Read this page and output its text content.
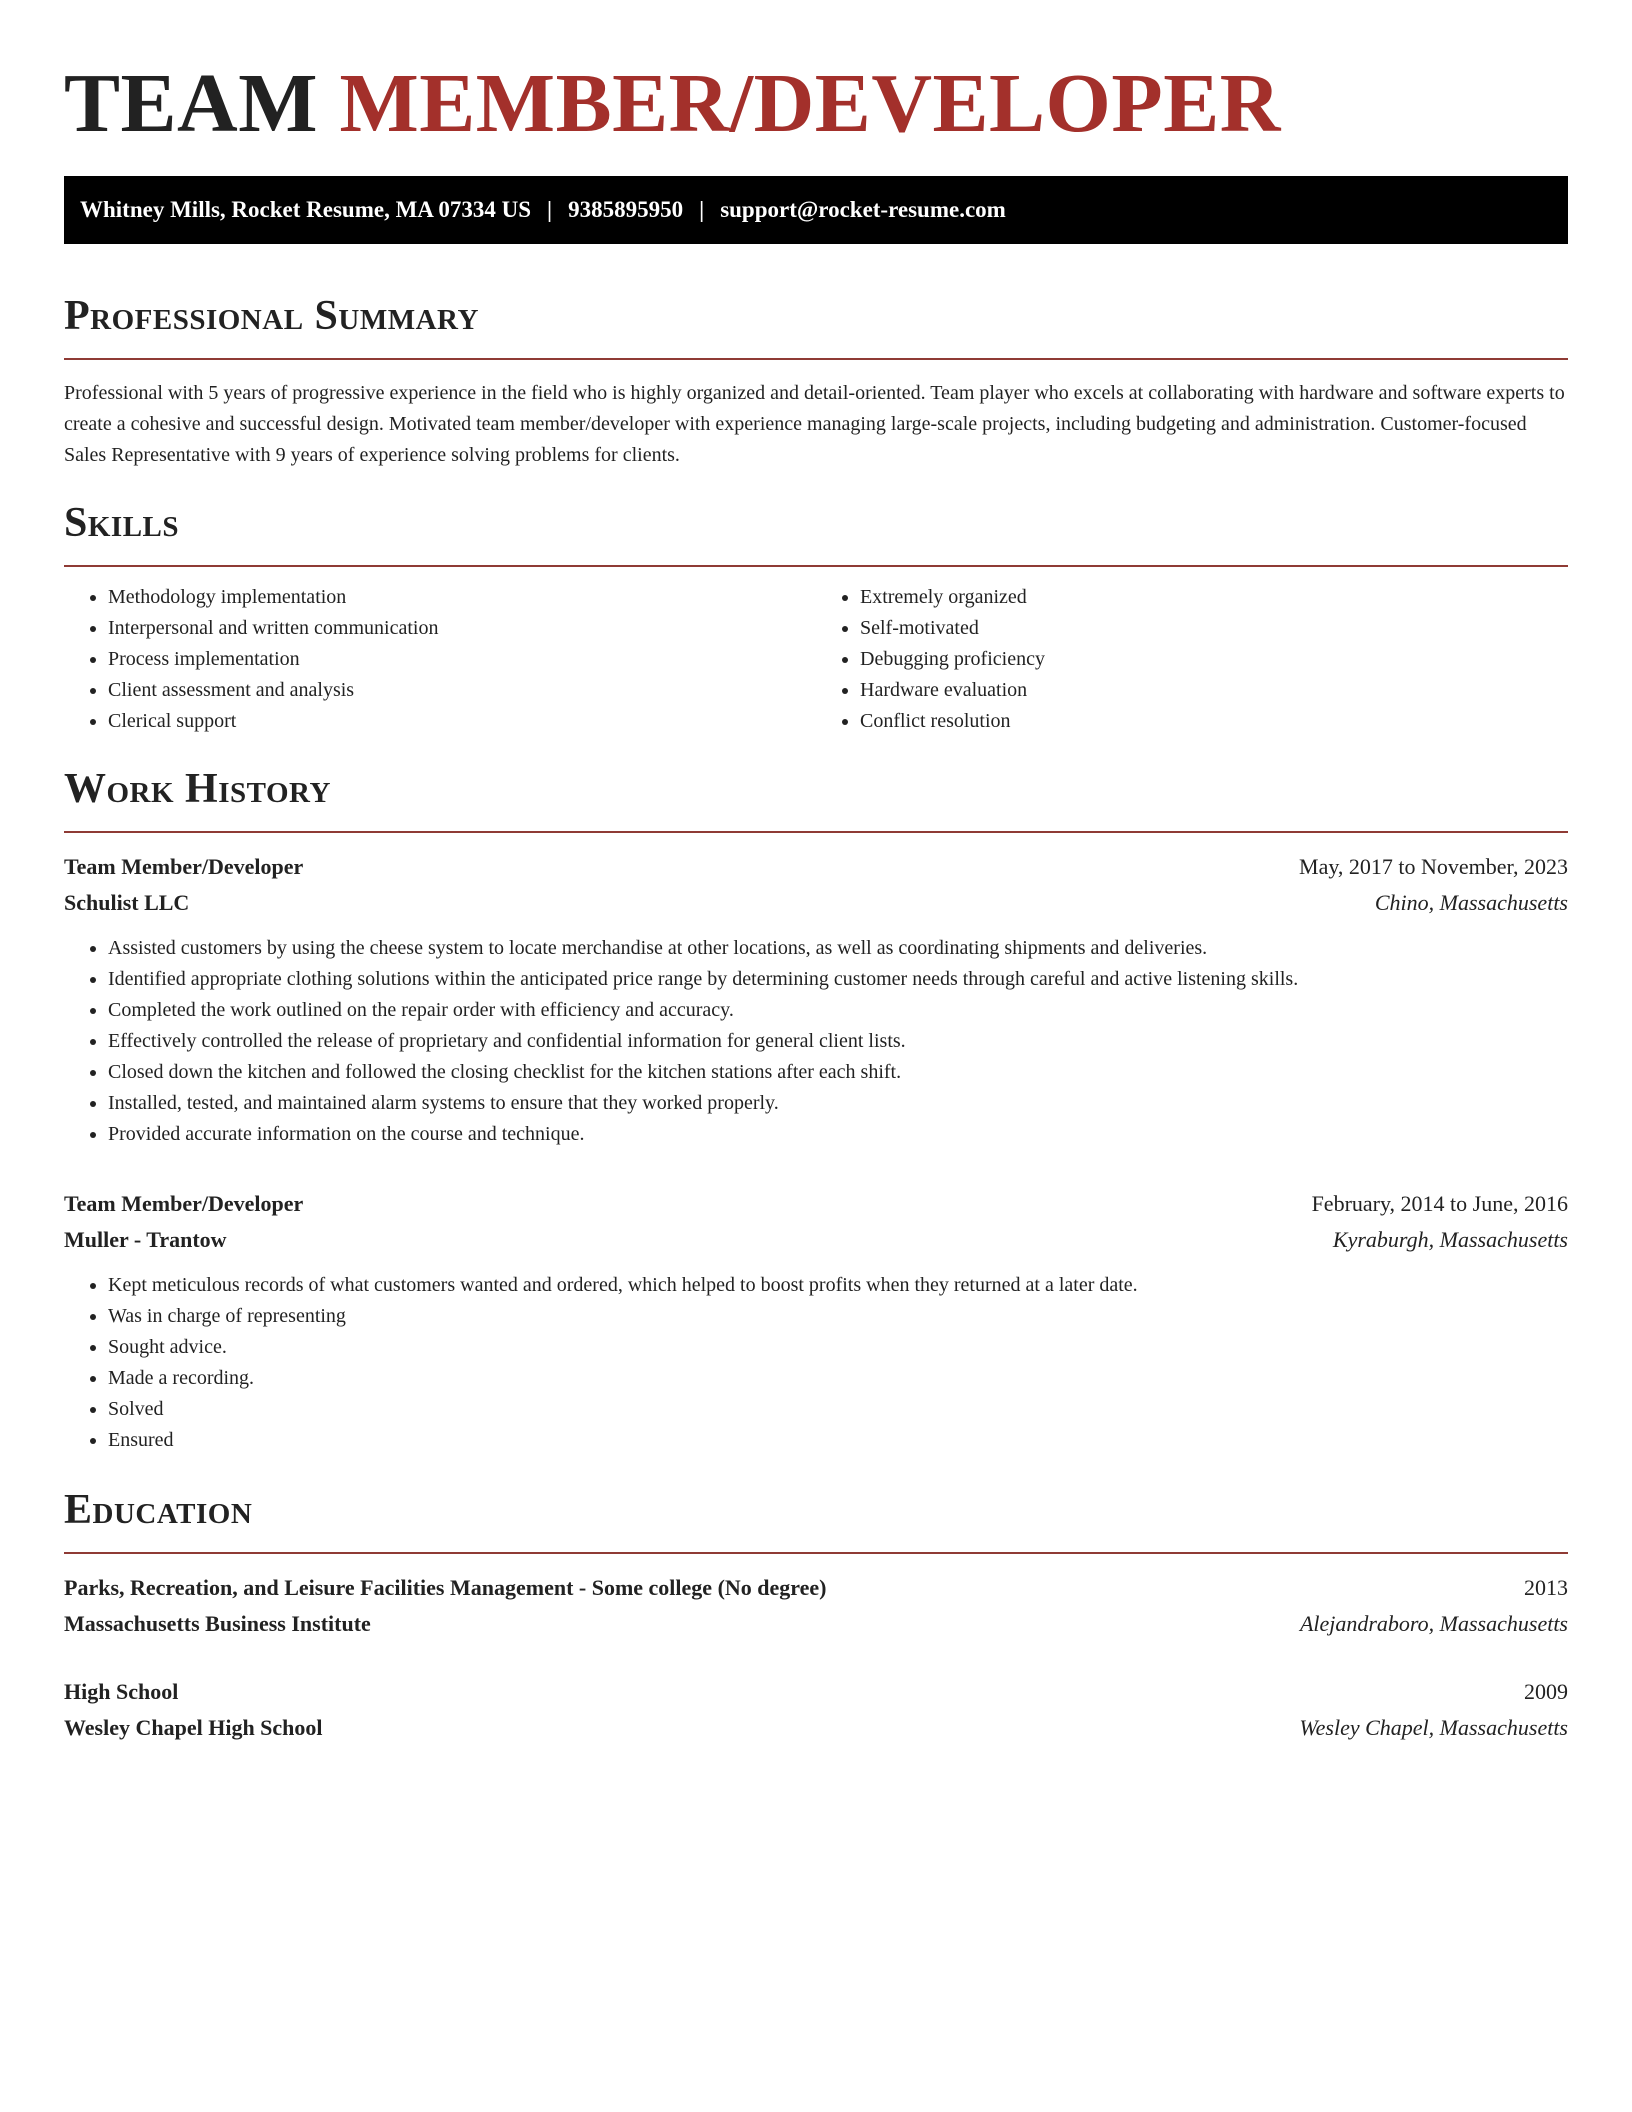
TEAM MEMBER/DEVELOPER
Whitney Mills, Rocket Resume, MA 07334 US | 9385895950 | support@rocket-resume.com
Professional Summary

Professional with 5 years of progressive experience in the field who is highly organized and detail-oriented. Team player who excels at collaborating with hardware and software experts to create a cohesive and successful design. Motivated team member/developer with experience managing large-scale projects, including budgeting and administration. Customer-focused Sales Representative with 9 years of experience solving problems for clients.

Skills
• Methodology implementation
• Interpersonal and written communication
• Process implementation
• Client assessment and analysis
• Clerical support
• Extremely organized
• Self-motivated
• Debugging proficiency
• Hardware evaluation
• Conflict resolution
Work History
Team Member/Developer	May, 2017 to November, 2023
Schulist LLC	Chino, Massachusetts
• Assisted customers by using the cheese system to locate merchandise at other locations, as well as coordinating shipments and deliveries.
• Identified appropriate clothing solutions within the anticipated price range by determining customer needs through careful and active listening skills.
• Completed the work outlined on the repair order with efficiency and accuracy.
• Effectively controlled the release of proprietary and confidential information for general client lists.
• Closed down the kitchen and followed the closing checklist for the kitchen stations after each shift.
• Installed, tested, and maintained alarm systems to ensure that they worked properly.
• Provided accurate information on the course and technique.
Team Member/Developer	February, 2014 to June, 2016
Muller - Trantow	Kyraburgh, Massachusetts
• Kept meticulous records of what customers wanted and ordered, which helped to boost profits when they returned at a later date.
• Was in charge of representing
• Sought advice.
• Made a recording.
• Solved
• Ensured
Education
Parks, Recreation, and Leisure Facilities Management - Some college (No degree)	2013
Massachusetts Business Institute	Alejandraboro, Massachusetts
High School	2009
Wesley Chapel High School	Wesley Chapel, Massachusetts
